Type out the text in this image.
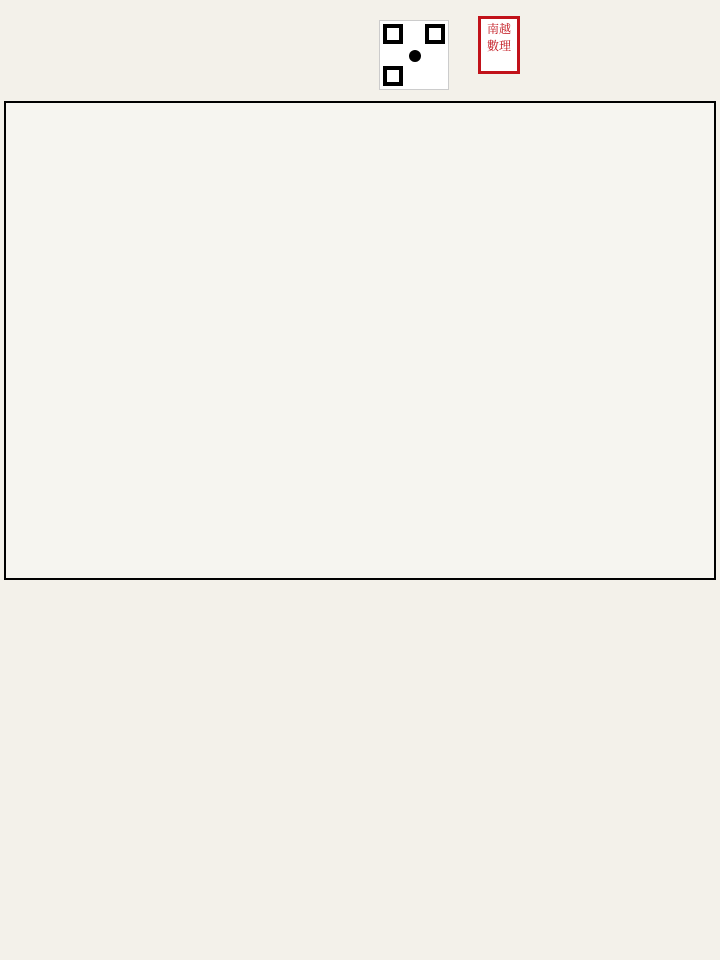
南越
數理
